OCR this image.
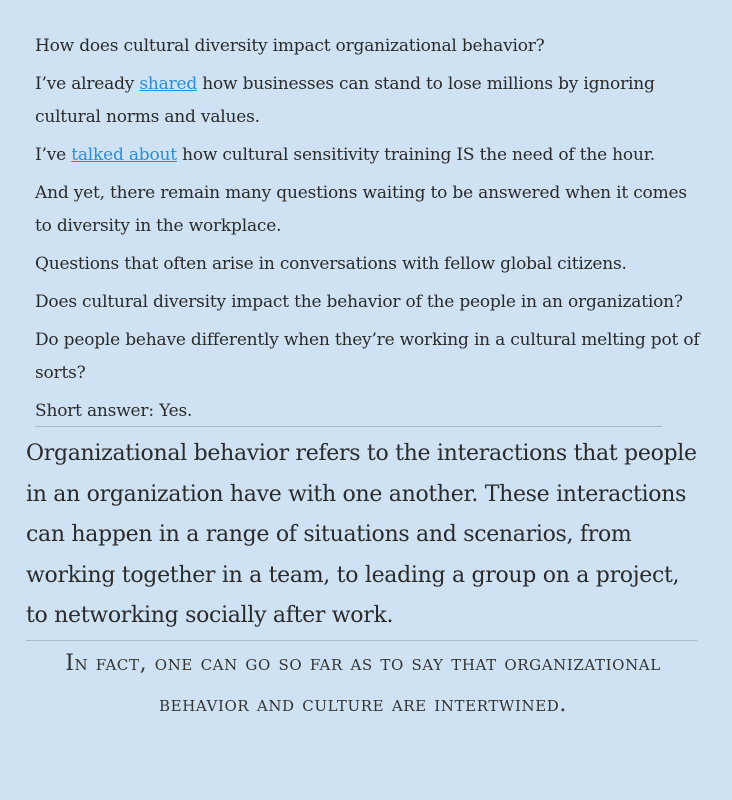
How does cultural diversity impact organizational behavior?

I’ve already shared how businesses can stand to lose millions by ignoring cultural norms and values.

I’ve talked about how cultural sensitivity training IS the need of the hour.

And yet, there remain many questions waiting to be answered when it comes to diversity in the workplace.

Questions that often arise in conversations with fellow global citizens.

Does cultural diversity impact the behavior of the people in an organization?

Do people behave differently when they’re working in a cultural melting pot of sorts?

Short answer: Yes.

Organizational behavior refers to the interactions that people in an organization have with one another. These interactions can happen in a range of situations and scenarios, from working together in a team, to leading a group on a project, to networking socially after work.

In fact, one can go so far as to say that organizational behavior and culture are intertwined.
